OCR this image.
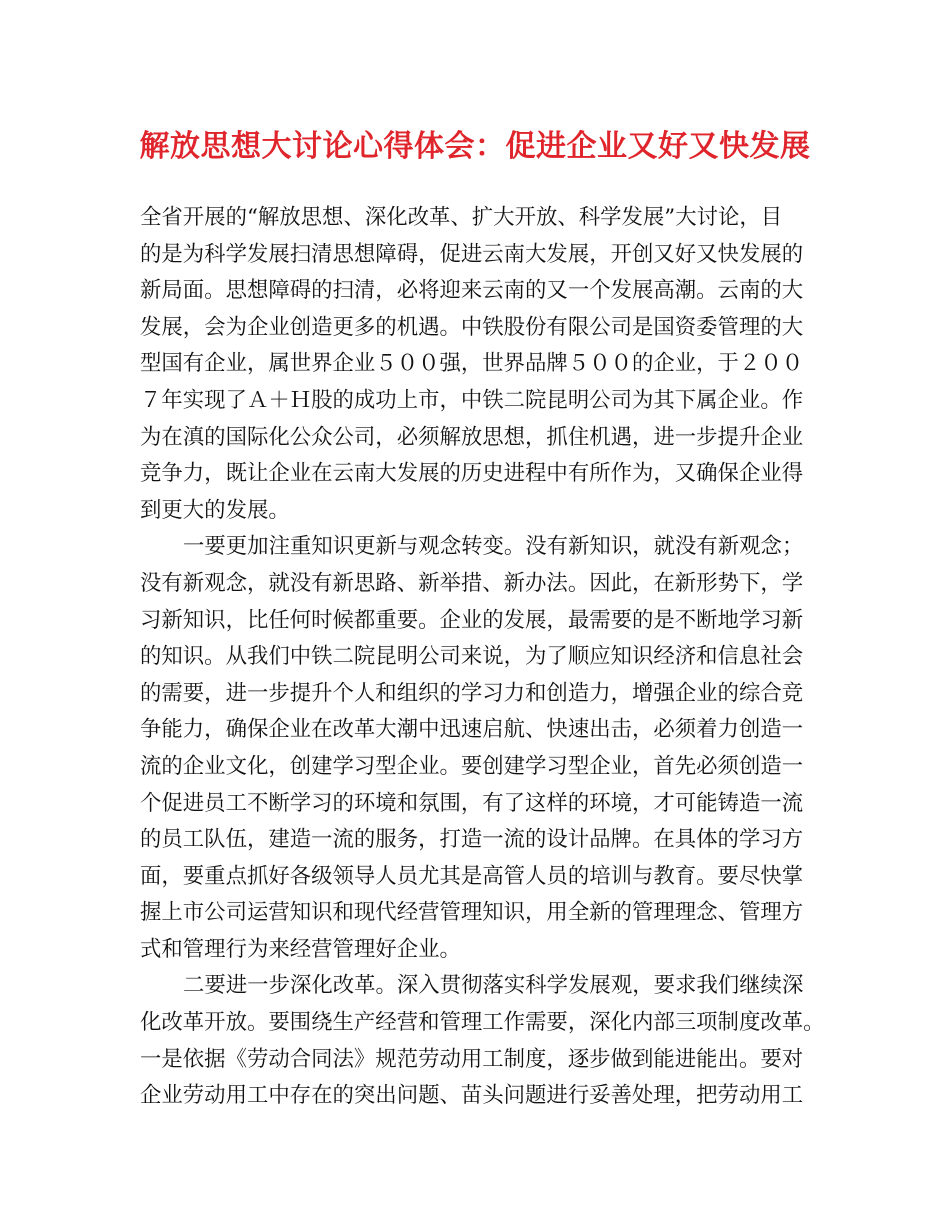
解放思想大讨论心得体会：促进企业又好又快发展
全省开展的“解放思想、深化改革、扩大开放、科学发展”大讨论，目
的是为科学发展扫清思想障碍，促进云南大发展，开创又好又快发展的
新局面。思想障碍的扫清，必将迎来云南的又一个发展高潮。云南的大
发展，会为企业创造更多的机遇。中铁股份有限公司是国资委管理的大
型国有企业，属世界企业５００强，世界品牌５００的企业，于２００
７年实现了Ａ＋Ｈ股的成功上市，中铁二院昆明公司为其下属企业。作
为在滇的国际化公众公司，必须解放思想，抓住机遇，进一步提升企业
竞争力，既让企业在云南大发展的历史进程中有所作为，又确保企业得
到更大的发展。
一要更加注重知识更新与观念转变。没有新知识，就没有新观念；
没有新观念，就没有新思路、新举措、新办法。因此，在新形势下，学
习新知识，比任何时候都重要。企业的发展，最需要的是不断地学习新
的知识。从我们中铁二院昆明公司来说，为了顺应知识经济和信息社会
的需要，进一步提升个人和组织的学习力和创造力，增强企业的综合竞
争能力，确保企业在改革大潮中迅速启航、快速出击，必须着力创造一
流的企业文化，创建学习型企业。要创建学习型企业，首先必须创造一
个促进员工不断学习的环境和氛围，有了这样的环境，才可能铸造一流
的员工队伍，建造一流的服务，打造一流的设计品牌。在具体的学习方
面，要重点抓好各级领导人员尤其是高管人员的培训与教育。要尽快掌
握上市公司运营知识和现代经营管理知识，用全新的管理理念、管理方
式和管理行为来经营管理好企业。
二要进一步深化改革。深入贯彻落实科学发展观，要求我们继续深
化改革开放。要围绕生产经营和管理工作需要，深化内部三项制度改革。
一是依据《劳动合同法》规范劳动用工制度，逐步做到能进能出。要对
企业劳动用工中存在的突出问题、苗头问题进行妥善处理，把劳动用工
